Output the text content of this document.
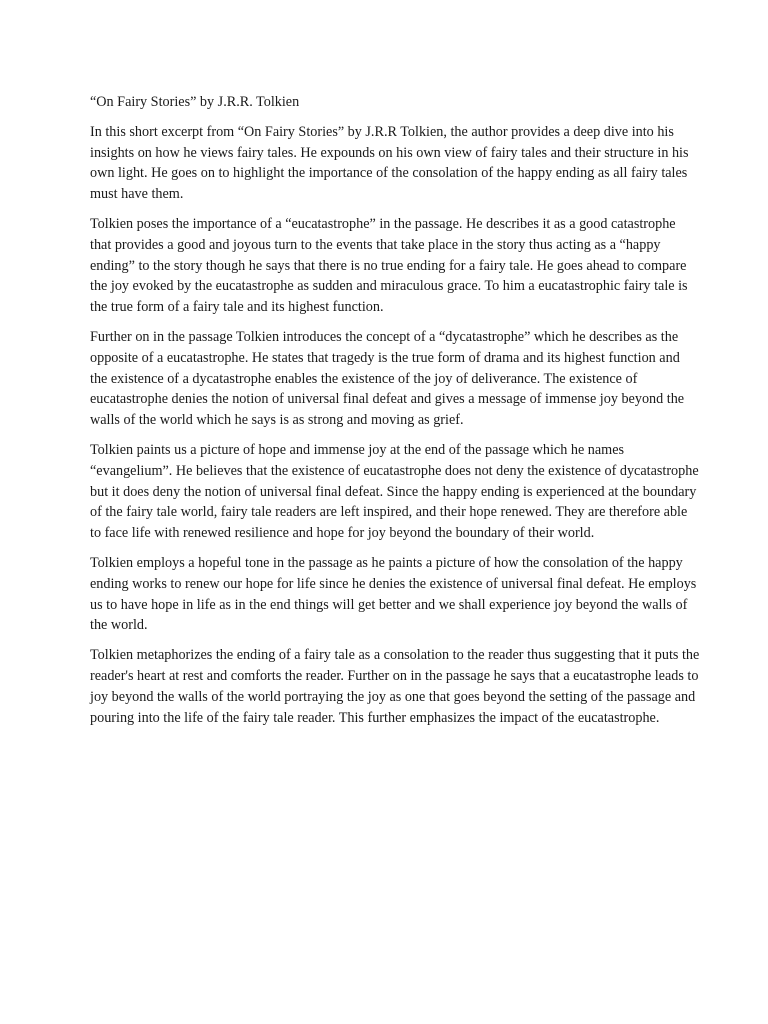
“On Fairy Stories” by J.R.R. Tolkien

In this short excerpt from “On Fairy Stories” by J.R.R Tolkien, the author provides a deep dive into his insights on how he views fairy tales. He expounds on his own view of fairy tales and their structure in his own light. He goes on to highlight the importance of the consolation of the happy ending as all fairy tales must have them.

Tolkien poses the importance of a “eucatastrophe” in the passage. He describes it as a good catastrophe that provides a good and joyous turn to the events that take place in the story thus acting as a “happy ending” to the story though he says that there is no true ending for a fairy tale. He goes ahead to compare the joy evoked by the eucatastrophe as sudden and miraculous grace. To him a eucatastrophic fairy tale is the true form of a fairy tale and its highest function.

Further on in the passage Tolkien introduces the concept of a “dycatastrophe” which he describes as the opposite of a eucatastrophe. He states that tragedy is the true form of drama and its highest function and the existence of a dycatastrophe enables the existence of the joy of deliverance. The existence of eucatastrophe denies the notion of universal final defeat and gives a message of immense joy beyond the walls of the world which he says is as strong and moving as grief.

Tolkien paints us a picture of hope and immense joy at the end of the passage which he names “evangelium”. He believes that the existence of eucatastrophe does not deny the existence of dycatastrophe but it does deny the notion of universal final defeat. Since the happy ending is experienced at the boundary of the fairy tale world, fairy tale readers are left inspired, and their hope renewed. They are therefore able to face life with renewed resilience and hope for joy beyond the boundary of their world.

Tolkien employs a hopeful tone in the passage as he paints a picture of how the consolation of the happy ending works to renew our hope for life since he denies the existence of universal final defeat. He employs us to have hope in life as in the end things will get better and we shall experience joy beyond the walls of the world.

Tolkien metaphorizes the ending of a fairy tale as a consolation to the reader thus suggesting that it puts the reader's heart at rest and comforts the reader. Further on in the passage he says that a eucatastrophe leads to joy beyond the walls of the world portraying the joy as one that goes beyond the setting of the passage and pouring into the life of the fairy tale reader. This further emphasizes the impact of the eucatastrophe.
